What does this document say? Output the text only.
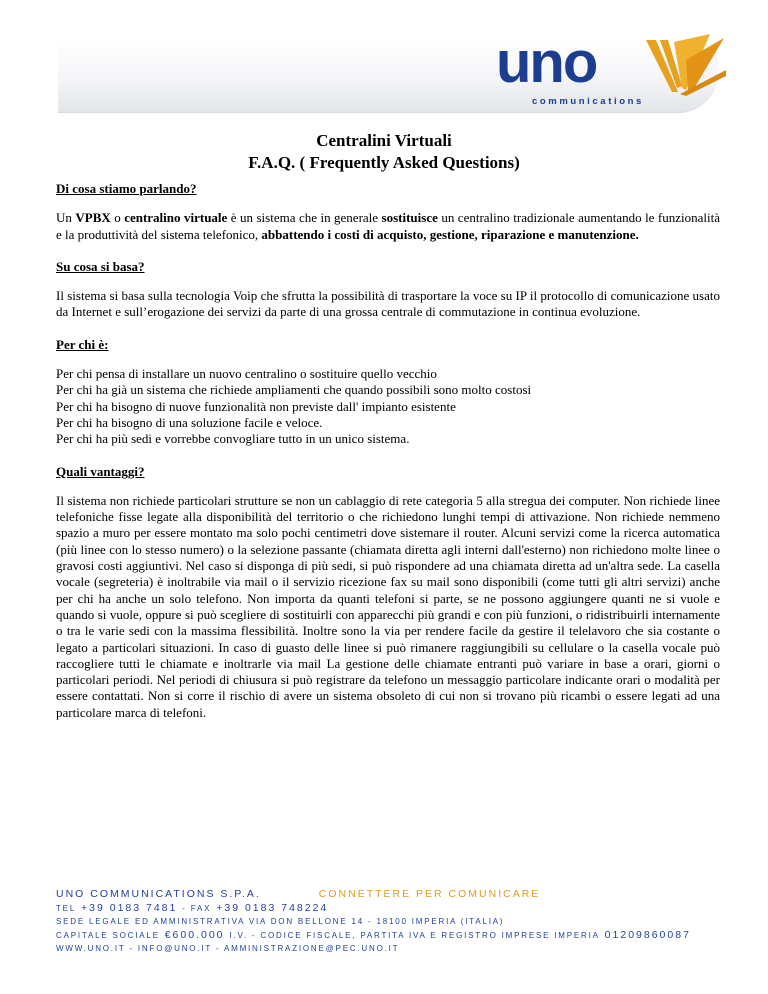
uno
communications
Centralini Virtuali
F.A.Q. ( Frequently Asked Questions)
Di cosa stiamo parlando?
Un VPBX o centralino virtuale è un sistema che in generale sostituisce un centralino tradizionale aumentando le funzionalità e la produttività del sistema telefonico, abbattendo i costi di acquisto, gestione, riparazione e manutenzione.
Su cosa si basa?
Il sistema si basa sulla tecnologia Voip che sfrutta la possibilità di trasportare la voce su IP il protocollo di comunicazione usato da Internet e sull’erogazione dei servizi da parte di una grossa centrale di commutazione in continua evoluzione.
Per chi è:
Per chi pensa di installare un nuovo centralino o sostituire quello vecchio
Per chi ha già un sistema che richiede ampliamenti che quando possibili sono molto costosi
Per chi ha bisogno di nuove funzionalità non previste dall' impianto esistente
Per chi ha bisogno di una soluzione facile e veloce.
Per chi ha più sedi e vorrebbe convogliare tutto in un unico sistema.
Quali vantaggi?
Il sistema non richiede particolari strutture se non un cablaggio di rete categoria 5 alla stregua dei computer. Non richiede linee telefoniche fisse legate alla disponibilità del territorio o che richiedono lunghi tempi di attivazione. Non richiede nemmeno spazio a muro per essere montato ma solo pochi centimetri dove sistemare il router. Alcuni servizi come la ricerca automatica (più linee con lo stesso numero) o la selezione passante (chiamata diretta agli interni dall'esterno) non richiedono molte linee o gravosi costi aggiuntivi. Nel caso si disponga di più sedi, si può rispondere ad una chiamata diretta ad un'altra sede. La casella vocale (segreteria) è inoltrabile via mail o il servizio ricezione fax su mail sono disponibili (come tutti gli altri servizi) anche per chi ha anche un solo telefono. Non importa da quanti telefoni si parte, se ne possono aggiungere quanti ne si vuole e quando si vuole, oppure si può scegliere di sostituirli con apparecchi più grandi e con più funzioni, o ridistribuirli internamente o tra le varie sedi con la massima flessibilità. Inoltre sono la via per rendere facile da gestire il telelavoro che sia costante o legato a particolari situazioni. In caso di guasto delle linee si può rimanere raggiungibili su cellulare o la casella vocale può raccogliere tutti le chiamate e inoltrarle via mail La gestione delle chiamate entranti può variare in base a orari, giorni o particolari periodi. Nel periodi di chiusura si può registrare da telefono un messaggio particolare indicante orari o modalità per essere contattati. Non si corre il rischio di avere un sistema obsoleto di cui non si trovano più ricambi o essere legati ad una particolare marca di telefoni.
UNO COMMUNICATIONS S.P.A.	CONNETTERE PER COMUNICARE
TEL +39 0183 7481 - FAX +39 0183 748224
SEDE LEGALE ED AMMINISTRATIVA VIA DON BELLONE 14 - 18100 IMPERIA (ITALIA)
CAPITALE SOCIALE €600.000 I.V. - CODICE FISCALE, PARTITA IVA E REGISTRO IMPRESE IMPERIA 01209860087
WWW.UNO.IT - INFO@UNO.IT - AMMINISTRAZIONE@PEC.UNO.IT
